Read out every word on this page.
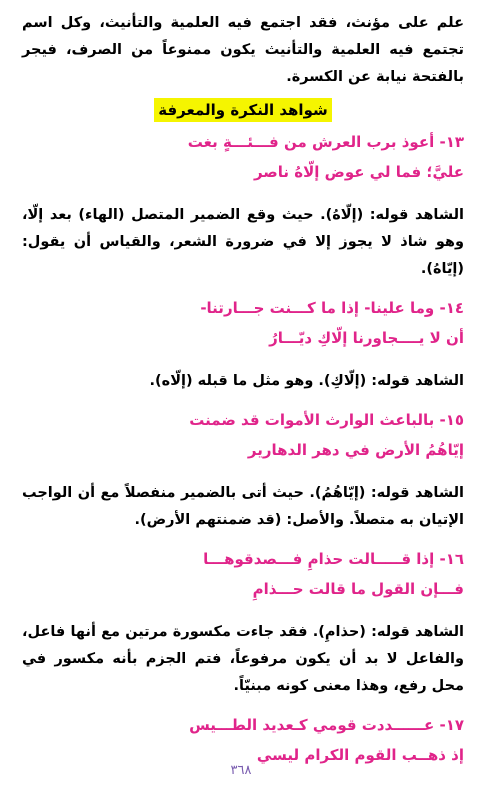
علم على مؤنث، فقد اجتمع فيه العلمية والتأنيث، وكل اسم تجتمع فيه العلمية والتأنيث يكون ممنوعاً من الصرف، فيجر بالفتحة نيابة عن الكسرة.

شواهد النكرة والمعرفة

١٣- أعوذ برب العرش من فـــئـــةٍ بغت

عليَّ؛ فما لي عوض إلّاهُ ناصر

الشاهد قوله: (إلّاهُ). حيث وقع الضمير المتصل (الهاء) بعد إلّا، وهو شاذ لا يجوز إلا في ضرورة الشعر، والقياس أن يقول: (إيّاهُ).

١٤- وما علينا- إذا ما كـــنت جـــارتنا-

أن لا يــــجاورنا إلّاكِ ديّـــارُ

الشاهد قوله: (إلّاكِ). وهو مثل ما قبله (إلّاه).

١٥- بالباعث الوارث الأموات قد ضمنت

إيّاهُمُ الأرض في دهر الدهارير

الشاهد قوله: (إيّاهُمُ). حيث أتى بالضمير منفصلاً مع أن الواجب الإتيان به متصلاً. والأصل: (قد ضمنتهم الأرض).

١٦- إذا قـــــالت حذامِ فـــصدقوهـــا

فـــإن القول ما قالت حـــذامِ

الشاهد قوله: (حذامِ). فقد جاءت مكسورة مرتين مع أنها فاعل، والفاعل لا بد أن يكون مرفوعاً، فتم الجزم بأنه مكسور في محل رفع، وهذا معنى كونه مبنيّاً.

١٧- عــــــددت قومي كـعديد الطـــيس

إذ ذهــب القوم الكرام ليسي

٣٦٨
